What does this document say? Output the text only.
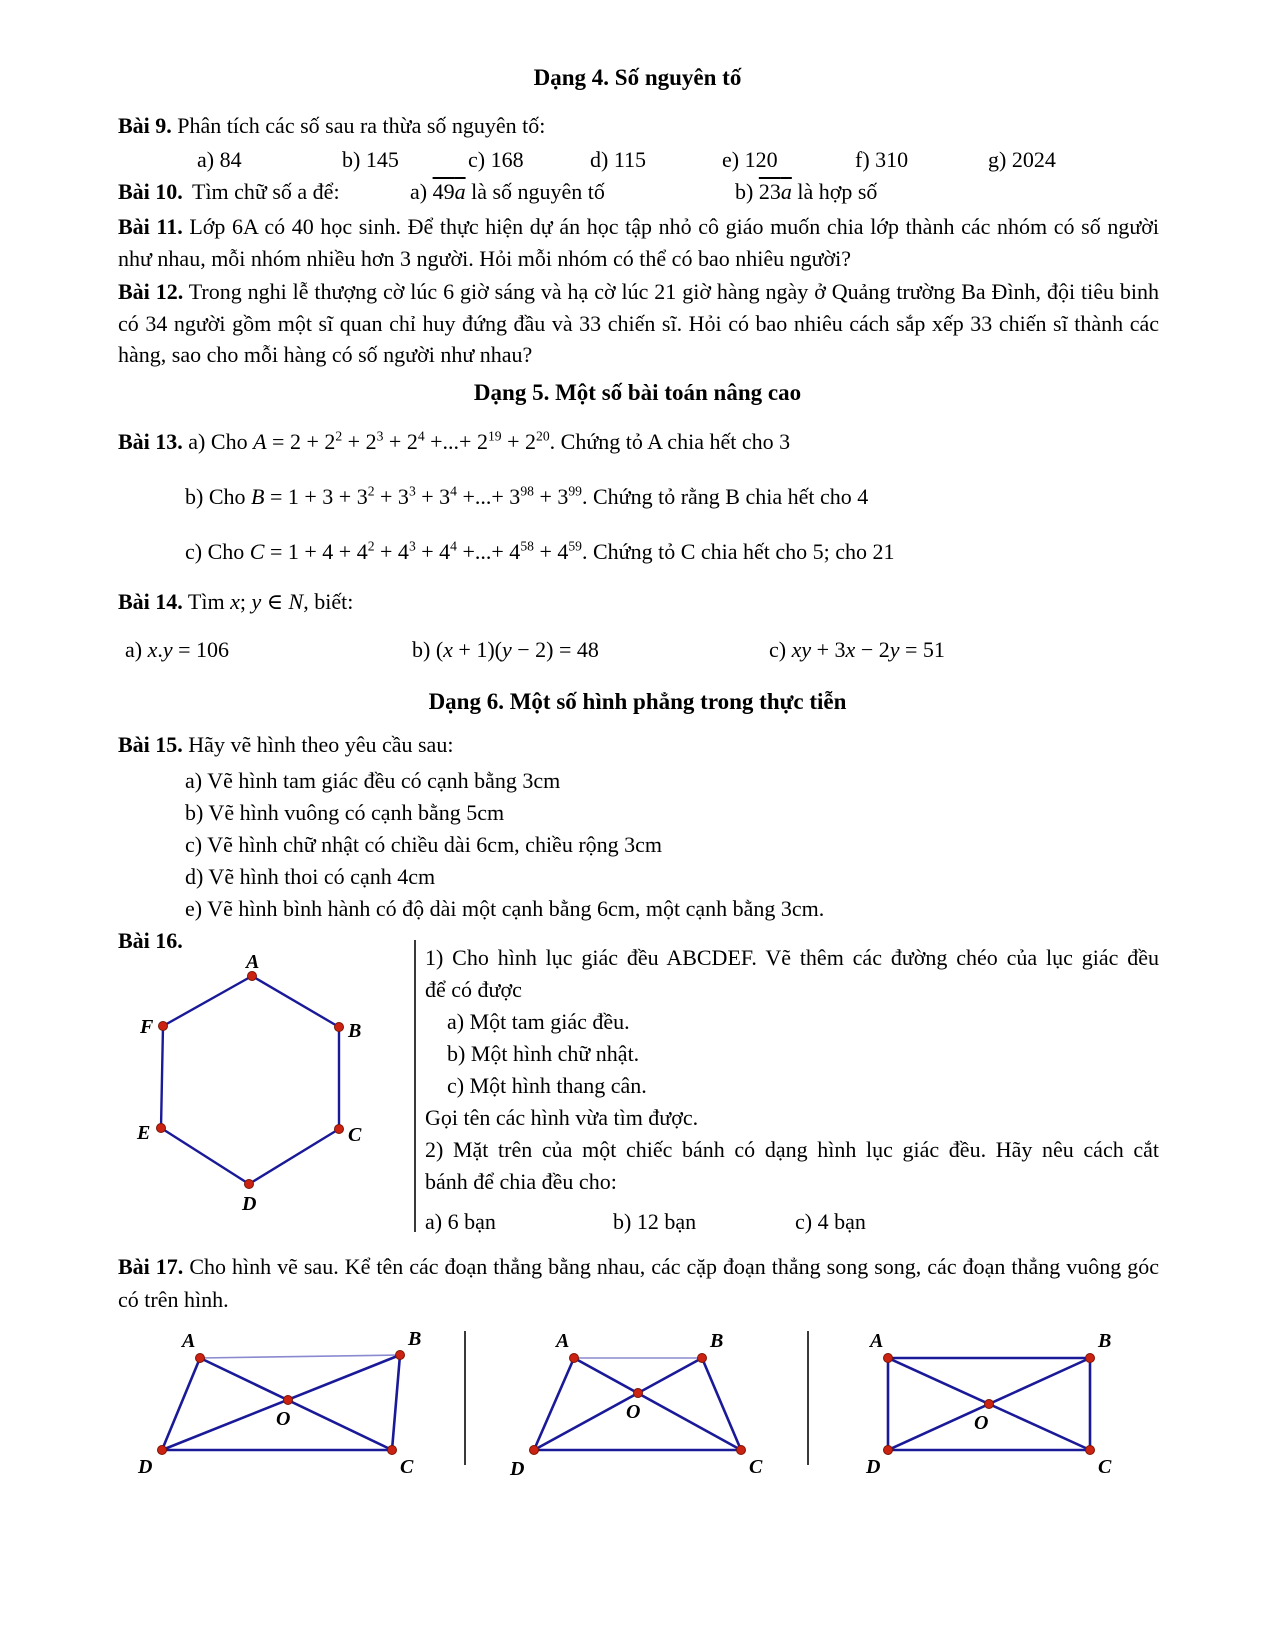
Dạng 4. Số nguyên tố
Bài 9. Phân tích các số sau ra thừa số nguyên tố:
a) 84	b) 145	c) 168	d) 115	e) 120	f) 310	g) 2024
Bài 10. Tìm chữ số a để:	a) 49a là số nguyên tố	b) 23a là hợp số
Bài 11. Lớp 6A có 40 học sinh. Để thực hiện dự án học tập nhỏ cô giáo muốn chia lớp thành các nhóm có số người như nhau, mỗi nhóm nhiều hơn 3 người. Hỏi mỗi nhóm có thể có bao nhiêu người?
Bài 12. Trong nghi lễ thượng cờ lúc 6 giờ sáng và hạ cờ lúc 21 giờ hàng ngày ở Quảng trường Ba Đình, đội tiêu binh có 34 người gồm một sĩ quan chỉ huy đứng đầu và 33 chiến sĩ. Hỏi có bao nhiêu cách sắp xếp 33 chiến sĩ thành các hàng, sao cho mỗi hàng có số người như nhau?
Dạng 5. Một số bài toán nâng cao
Bài 13. a) Cho $A = 2 + 2^2 + 2^3 + 2^4$ +...+ $2^{19} + 2^{20}$. Chứng tỏ A chia hết cho 3
b) Cho $B = 1 + 3 + 3^2 + 3^3 + 3^4$ +...+ $3^{98} + 3^{99}$. Chứng tỏ rằng B chia hết cho 4
c) Cho $C = 1 + 4 + 4^2 + 4^3 + 4^4$ +...+ $4^{58} + 4^{59}$. Chứng tỏ C chia hết cho 5; cho 21
Bài 14. Tìm x; y ∈ N, biết:
a) x.y = 106	b) (x + 1)(y − 2) = 48	c) xy + 3x − 2y = 51
Dạng 6. Một số hình phẳng trong thực tiễn
Bài 15. Hãy vẽ hình theo yêu cầu sau:
a) Vẽ hình tam giác đều có cạnh bằng 3cm
b) Vẽ hình vuông có cạnh bằng 5cm
c) Vẽ hình chữ nhật có chiều dài 6cm, chiều rộng 3cm
d) Vẽ hình thoi có cạnh 4cm
e) Vẽ hình bình hành có độ dài một cạnh bằng 6cm, một cạnh bằng 3cm.
Bài 16.
A
F	B
E	C
D
1) Cho hình lục giác đều ABCDEF. Vẽ thêm các đường chéo của lục giác đều
để có được
a) Một tam giác đều.
b) Một hình chữ nhật.
c) Một hình thang cân.
Gọi tên các hình vừa tìm được.
2) Mặt trên của một chiếc bánh có dạng hình lục giác đều. Hãy nêu cách cắt
bánh để chia đều cho:
a) 6 bạn	b) 12 bạn	c) 4 bạn
Bài 17. Cho hình vẽ sau. Kể tên các đoạn thẳng bằng nhau, các cặp đoạn thẳng song song, các đoạn thẳng vuông góc có trên hình.
A	B
C
D
O
A	B
C
D
O
A	B
C
D
O
